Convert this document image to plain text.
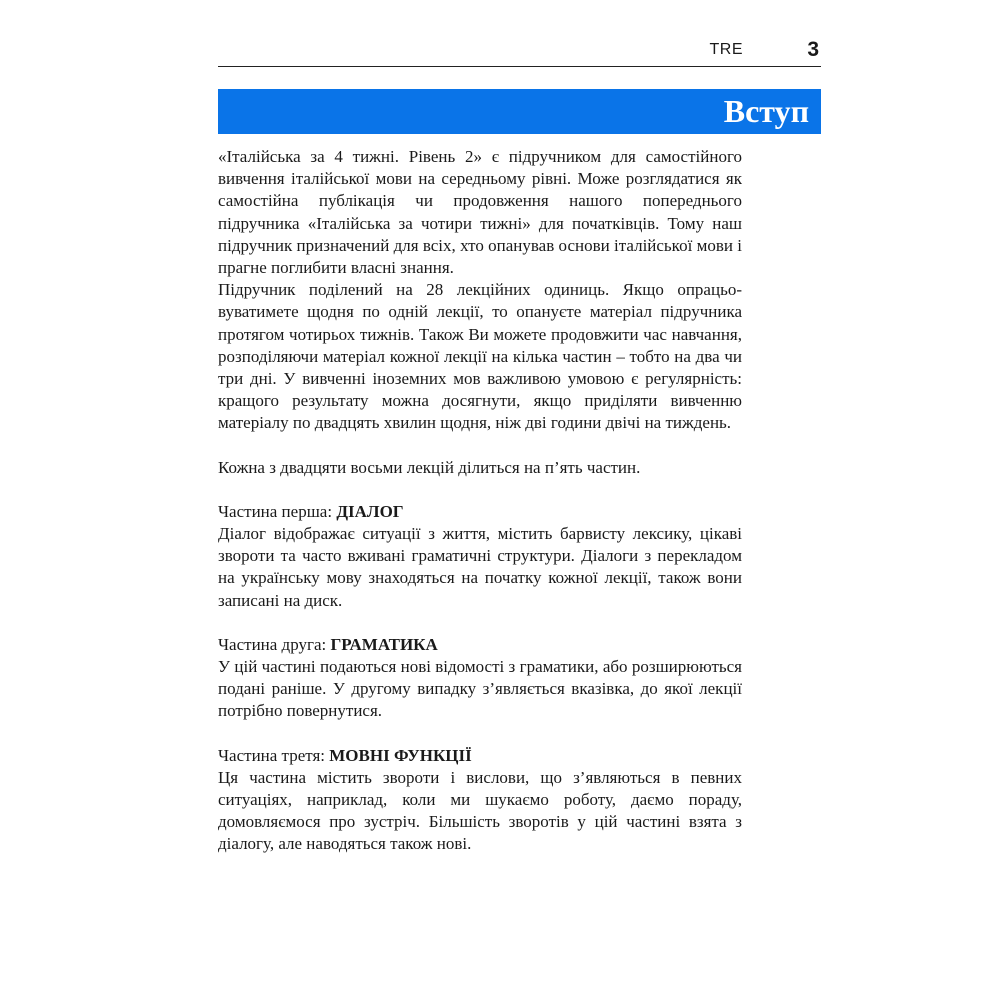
TRE	3
Вступ

«Італійська за 4 тижні. Рівень 2» є підручником для самостійного вивчення італійської мови на середньому рівні. Може розглядатися як самостійна публікація чи продовження нашого попереднього підручника «Італійська за чотири тижні» для початківців. Тому наш підручник призначений для всіх, хто опанував основи італійської мови і прагне поглибити власні знання.

Підручник поділений на 28 лекційних одиниць. Якщо опрацьовуватимете щодня по одній лекції, то опануєте матеріал підручника протягом чотирьох тижнів. Також Ви можете продовжити час навчання, розподіляючи матеріал кожної лекції на кілька частин – тобто на два чи три дні. У вивченні іноземних мов важливою умовою є регулярність: кращого результату можна досягнути, якщо приділяти вивченню матеріалу по двадцять хвилин щодня, ніж дві години двічі на тиждень.

Кожна з двадцяти восьми лекцій ділиться на п’ять частин.

Частина перша: ДІАЛОГ

Діалог відображає ситуації з життя, містить барвисту лексику, цікаві звороти та часто вживані граматичні структури. Діалоги з перекладом на українську мову знаходяться на початку кожної лекції, також вони записані на диск.

Частина друга: ГРАМАТИКА

У цій частині подаються нові відомості з граматики, або розширюються подані раніше. У другому випадку з’являється вказівка, до якої лекції потрібно повернутися.

Частина третя: МОВНІ ФУНКЦІЇ

Ця частина містить звороти і вислови, що з’являються в певних ситуаціях, наприклад, коли ми шукаємо роботу, даємо пораду, домовляємося про зустріч. Більшість зворотів у цій частині взята з діалогу, але наводяться також нові.
